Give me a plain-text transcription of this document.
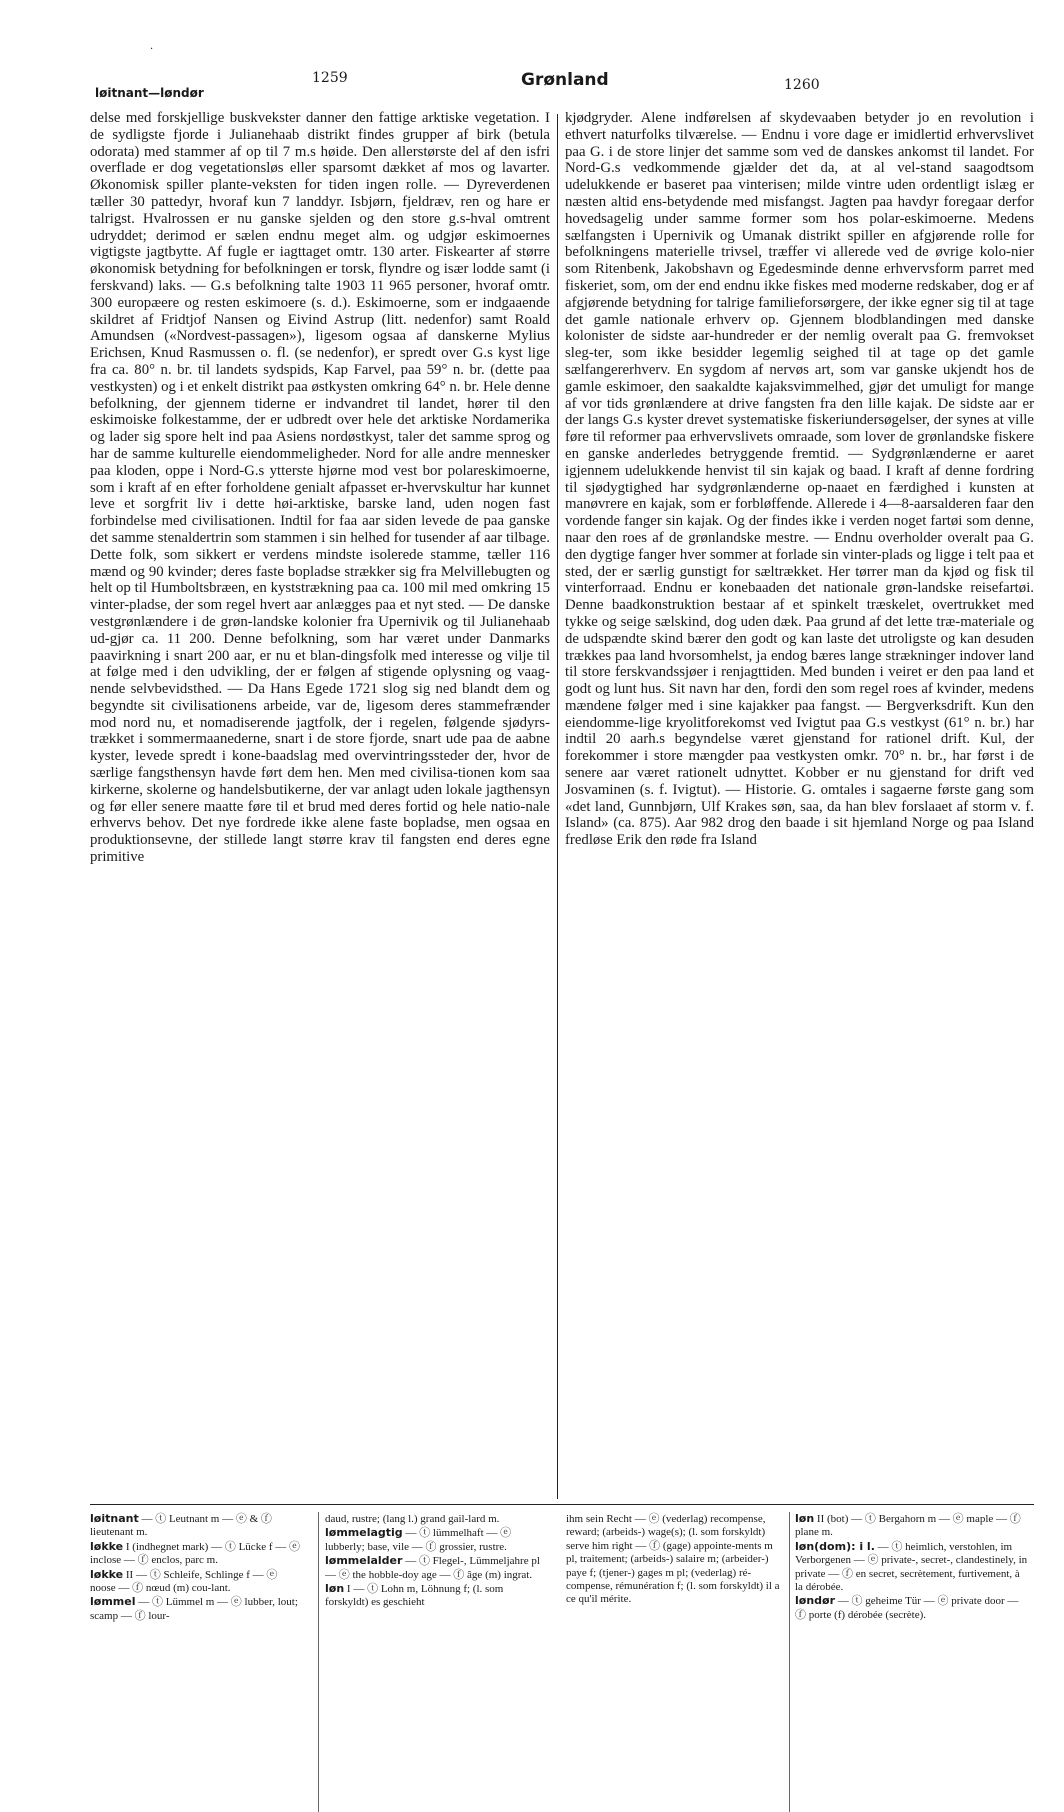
·
løitnant—løndør
1259	Grønland	1260

delse med forskjellige buskvekster danner den fattige arktiske vegetation. I de sydligste fjorde i Julianehaab distrikt findes grupper af birk (betula odorata) med stammer af op til 7 m.s høide. Den allerstørste del af den isfri overflade er dog vegetationsløs eller sparsomt dækket af mos og lavarter. Økonomisk spiller plante-veksten for tiden ingen rolle. — Dyreverdenen tæller 30 pattedyr, hvoraf kun 7 landdyr. Isbjørn, fjeldræv, ren og hare er talrigst. Hvalrossen er nu ganske sjelden og den store g.s-hval omtrent udryddet; derimod er sælen endnu meget alm. og udgjør eskimoernes vigtigste jagtbytte. Af fugle er iagttaget omtr. 130 arter. Fiskearter af større økonomisk betydning for befolkningen er torsk, flyndre og især lodde samt (i ferskvand) laks. — G.s befolkning talte 1903 11 965 personer, hvoraf omtr. 300 europæere og resten eskimoere (s. d.). Eskimoerne, som er indgaaende skildret af Fridtjof Nansen og Eivind Astrup (litt. nedenfor) samt Roald Amundsen («Nordvest-passagen»), ligesom ogsaa af danskerne Mylius Erichsen, Knud Rasmussen o. fl. (se nedenfor), er spredt over G.s kyst lige fra ca. 80° n. br. til landets sydspids, Kap Farvel, paa 59° n. br. (dette paa vestkysten) og i et enkelt distrikt paa østkysten omkring 64° n. br. Hele denne befolkning, der gjennem tiderne er indvandret til landet, hører til den eskimoiske folkestamme, der er udbredt over hele det arktiske Nordamerika og lader sig spore helt ind paa Asiens nordøstkyst, taler det samme sprog og har de samme kulturelle eiendommeligheder. Nord for alle andre mennesker paa kloden, oppe i Nord-G.s ytterste hjørne mod vest bor polareskimoerne, som i kraft af en efter forholdene genialt afpasset er-hvervskultur har kunnet leve et sorgfrit liv i dette høi-arktiske, barske land, uden nogen fast forbindelse med civilisationen. Indtil for faa aar siden levede de paa ganske det samme stenaldertrin som stammen i sin helhed for tusender af aar tilbage. Dette folk, som sikkert er verdens mindste isolerede stamme, tæller 116 mænd og 90 kvinder; deres faste bopladse strækker sig fra Melvillebugten og helt op til Humboltsbræen, en kyststrækning paa ca. 100 mil med omkring 15 vinter-pladse, der som regel hvert aar anlægges paa et nyt sted. — De danske vestgrønlændere i de grøn-landske kolonier fra Upernivik og til Julianehaab ud-gjør ca. 11 200. Denne befolkning, som har været under Danmarks paavirkning i snart 200 aar, er nu et blan-dingsfolk med interesse og vilje til at følge med i den udvikling, der er følgen af stigende oplysning og vaag-nende selvbevidsthed. — Da Hans Egede 1721 slog sig ned blandt dem og begyndte sit civilisationens arbeide, var de, ligesom deres stammefrænder mod nord nu, et nomadiserende jagtfolk, der i regelen, følgende sjødyrs-trækket i sommermaanederne, snart i de store fjorde, snart ude paa de aabne kyster, levede spredt i kone-baadslag med overvintringssteder der, hvor de særlige fangsthensyn havde ført dem hen. Men med civilisa-tionen kom saa kirkerne, skolerne og handelsbutikerne, der var anlagt uden lokale jagthensyn og før eller senere maatte føre til et brud med deres fortid og hele natio-nale erhvervs behov. Det nye fordrede ikke alene faste bopladse, men ogsaa en produktionsevne, der stillede langt større krav til fangsten end deres egne primitive

kjødgryder. Alene indførelsen af skydevaaben betyder jo en revolution i ethvert naturfolks tilværelse. — Endnu i vore dage er imidlertid erhvervslivet paa G. i de store linjer det samme som ved de danskes ankomst til landet. For Nord-G.s vedkommende gjælder det da, at al vel-stand saagodtsom udelukkende er baseret paa vinterisen; milde vintre uden ordentligt islæg er næsten altid ens-betydende med misfangst. Jagten paa havdyr foregaar derfor hovedsagelig under samme former som hos polar-eskimoerne. Medens sælfangsten i Upernivik og Umanak distrikt spiller en afgjørende rolle for befolkningens materielle trivsel, træffer vi allerede ved de øvrige kolo-nier som Ritenbenk, Jakobshavn og Egedesminde denne erhvervsform parret med fiskeriet, som, om der end endnu ikke fiskes med moderne redskaber, dog er af afgjørende betydning for talrige familieforsørgere, der ikke egner sig til at tage det gamle nationale erhverv op. Gjennem blodblandingen med danske kolonister de sidste aar-hundreder er der nemlig overalt paa G. fremvokset sleg-ter, som ikke besidder legemlig seighed til at tage op det gamle sælfangererhverv. En sygdom af nervøs art, som var ganske ukjendt hos de gamle eskimoer, den saakaldte kajaksvimmelhed, gjør det umuligt for mange af vor tids grønlændere at drive fangsten fra den lille kajak. De sidste aar er der langs G.s kyster drevet systematiske fiskeriundersøgelser, der synes at ville føre til reformer paa erhvervslivets omraade, som lover de grønlandske fiskere en ganske anderledes betryggende fremtid. — Sydgrønlænderne er aaret igjennem udelukkende henvist til sin kajak og baad. I kraft af denne fordring til sjødygtighed har sydgrønlænderne op-naaet en færdighed i kunsten at manøvrere en kajak, som er forbløffende. Allerede i 4—8-aarsalderen faar den vordende fanger sin kajak. Og der findes ikke i verden noget fartøi som denne, naar den roes af de grønlandske mestre. — Endnu overholder overalt paa G. den dygtige fanger hver sommer at forlade sin vinter-plads og ligge i telt paa et sted, der er særlig gunstigt for sæltrækket. Her tørrer man da kjød og fisk til vinterforraad. Endnu er konebaaden det nationale grøn-landske reisefartøi. Denne baadkonstruktion bestaar af et spinkelt træskelet, overtrukket med tykke og seige sælskind, dog uden dæk. Paa grund af det lette træ-materiale og de udspændte skind bærer den godt og kan laste det utroligste og kan desuden trækkes paa land hvorsomhelst, ja endog bæres lange strækninger indover land til store ferskvandssjøer i renjagttiden. Med bunden i veiret er den paa land et godt og lunt hus. Sit navn har den, fordi den som regel roes af kvinder, medens mændene følger med i sine kajakker paa fangst. — Bergverksdrift. Kun den eiendomme-lige kryolitforekomst ved Ivigtut paa G.s vestkyst (61° n. br.) har indtil 20 aarh.s begyndelse været gjenstand for rationel drift. Kul, der forekommer i store mængder paa vestkysten omkr. 70° n. br., har først i de senere aar været rationelt udnyttet. Kobber er nu gjenstand for drift ved Josvaminen (s. f. Ivigtut). — Historie. G. omtales i sagaerne første gang som «det land, Gunnbjørn, Ulf Krakes søn, saa, da han blev forslaaet af storm v. f. Island» (ca. 875). Aar 982 drog den baade i sit hjemland Norge og paa Island fredløse Erik den røde fra Island

løitnant — ⓣ Leutnant m — ⓔ & ⓕ lieutenant m.

løkke I (indhegnet mark) — ⓣ Lücke f — ⓔ inclose — ⓕ enclos, parc m.

løkke II — ⓣ Schleife, Schlinge f — ⓔ noose — ⓕ nœud (m) cou-lant.

lømmel — ⓣ Lümmel m — ⓔ lubber, lout; scamp — ⓕ lour-

daud, rustre; (lang l.) grand gail-lard m.

lømmelagtig — ⓣ lümmelhaft — ⓔ lubberly; base, vile — ⓕ grossier, rustre.

lømmelalder — ⓣ Flegel-, Lümmeljahre pl — ⓔ the hobble-doy age — ⓕ âge (m) ingrat.

løn I — ⓣ Lohn m, Löhnung f; (l. som forskyldt) es geschieht

ihm sein Recht — ⓔ (vederlag) recompense, reward; (arbeids-) wage(s); (l. som forskyldt) serve him right — ⓕ (gage) appointe-ments m pl, traitement; (arbeids-) salaire m; (arbeider-) paye f; (tjener-) gages m pl; (vederlag) ré-compense, rémunération f; (l. som forskyldt) il a ce qu'il mérite.

løn II (bot) — ⓣ Bergahorn m — ⓔ maple — ⓕ plane m.

løn(dom): i l. — ⓣ heimlich, verstohlen, im Verborgenen — ⓔ private-, secret-, clandestinely, in private — ⓕ en secret, secrètement, furtivement, à la dérobée.

løndør — ⓣ geheime Tür — ⓔ private door — ⓕ porte (f) dérobée (secrète).
